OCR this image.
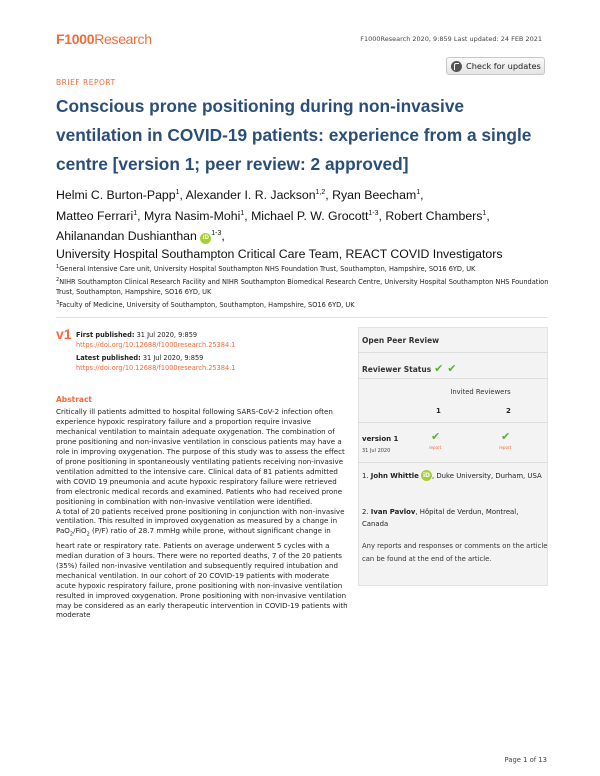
F1000Research	F1000Research 2020, 9:859 Last updated: 24 FEB 2021
Check for updates
BRIEF REPORT
Conscious prone positioning during non-invasive ventilation in COVID-19 patients: experience from a single centre [version 1; peer review: 2 approved]
Helmi C. Burton-Papp$^1$, Alexander I. R. Jackson$^{1,2}$, Ryan Beecham$^1$,
Matteo Ferrari$^1$, Myra Nasim-Mohi$^1$, Michael P. W. Grocott$^{1-3}$, Robert Chambers$^1$,
Ahilanandan Dushianthan $iD^{1-3}$,
University Hospital Southampton Critical Care Team, REACT COVID Investigators
$^1$General Intensive Care unit, University Hospital Southampton NHS Foundation Trust, Southampton, Hampshire, SO16 6YD, UK
$^2$NIHR Southampton Clinical Research Facility and NIHR Southampton Biomedical Research Centre, University Hospital Southampton NHS Foundation Trust, Southampton, Hampshire, SO16 6YD, UK
$^3$Faculty of Medicine, University of Southampton, Southampton, Hampshire, SO16 6YD, UK
v1 First published: 31 Jul 2020, 9:859
https://doi.org/10.12688/f1000research.25384.1
Latest published: 31 Jul 2020, 9:859
https://doi.org/10.12688/f1000research.25384.1
Abstract

Critically ill patients admitted to hospital following SARS-CoV-2 infection often experience hypoxic respiratory failure and a proportion require invasive mechanical ventilation to maintain adequate oxygenation. The combination of prone positioning and non-invasive ventilation in conscious patients may have a role in improving oxygenation. The purpose of this study was to assess the effect of prone positioning in spontaneously ventilating patients receiving non-invasive ventilation admitted to the intensive care. Clinical data of 81 patients admitted with COVID 19 pneumonia and acute hypoxic respiratory failure were retrieved from electronic medical records and examined. Patients who had received prone positioning in combination with non-invasive ventilation were identified.

A total of 20 patients received prone positioning in conjunction with non-invasive ventilation. This resulted in improved oxygenation as measured by a change in PaO$_2$/FiO$_2$ (P/F) ratio of 28.7 mmHg while prone, without significant change in heart rate or respiratory rate. Patients on average underwent 5 cycles with a median duration of 3 hours. There were no reported deaths, 7 of the 20 patients (35%) failed non-invasive ventilation and subsequently required intubation and mechanical ventilation. In our cohort of 20 COVID-19 patients with moderate acute hypoxic respiratory failure, prone positioning with non-invasive ventilation resulted in improved oxygenation. Prone positioning with non-invasive ventilation may be considered as an early therapeutic intervention in COVID-19 patients with moderate

Open Peer Review
Reviewer Status ✔ ✔
Invited Reviewers
1	2
version 1
31 Jul 2020
✔	✔
report	report
1. John Whittle iD , Duke University, Durham, USA
2. Ivan Pavlov, Hôpital de Verdun, Montreal, Canada
Any reports and responses or comments on the article can be found at the end of the article.
Page 1 of 13
